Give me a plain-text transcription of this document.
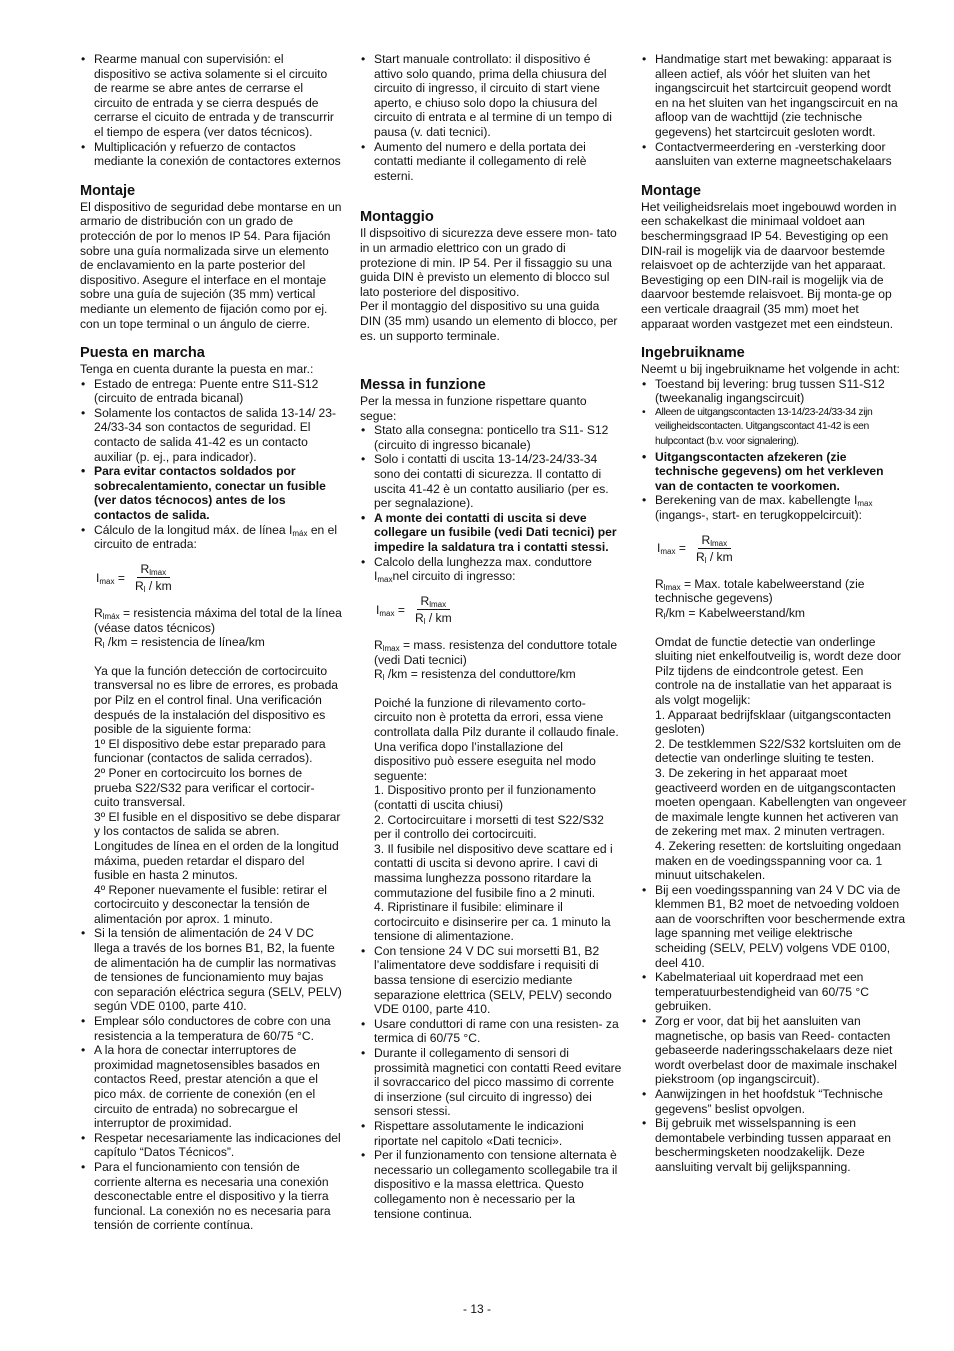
• Rearme manual con supervisión: el dispositivo se activa solamente si el circuito de rearme se abre antes de cerrarse el circuito de entrada y se cierra después de cerrarse el cicuito de entrada y de transcurrir el tiempo de espera (ver datos técnicos).
• Multiplicación y refuerzo de contactos mediante la conexión de contactores externos
Montaje

El dispositivo de seguridad debe montarse en un armario de distribución con un grado de protección de por lo menos IP 54. Para fijación sobre una guía normalizada sirve un elemento de enclavamiento en la parte posterior del dispositivo. Asegure el interface en el montaje sobre una guía de sujeción (35 mm) vertical mediante un elemento de fijación como por ej. con un tope terminal o un ángulo de cierre.

Puesta en marcha

Tenga en cuenta durante la puesta en mar.:

• Estado de entrega: Puente entre S11-S12 (circuito de entrada bicanal)
• Solamente los contactos de salida 13-14/ 23-24/33-34 son contactos de seguridad. El contacto de salida 41-42 es un contacto auxiliar (p. ej., para indicador).
• Para evitar contactos soldados por sobrecalentamiento, conectar un fusible (ver datos técnocos) antes de los contactos de salida.
• Cálculo de la longitud máx. de línea $I_{máx}$ en el circuito de entrada:
$I_{max} = \frac{R_{lmax}}{R_l / km}$

$R_{lmáx}$ = resistencia máxima del total de la línea (véase datos técnicos)

$R_l$ /km = resistencia de línea/km

Ya que la función detección de cortocircuito transversal no es libre de errores, es probada por Pilz en el control final. Una verificación después de la instalación del dispositivo es posible de la siguiente forma:

1º El dispositivo debe estar preparado para funcionar (contactos de salida cerrados).

2º Poner en cortocircuito los bornes de prueba S22/S32 para verificar el cortocir- cuito transversal.

3º El fusible en el dispositivo se debe disparar y los contactos de salida se abren. Longitudes de línea en el orden de la longitud máxima, pueden retardar el disparo del fusible en hasta 2 minutos.

4º Reponer nuevamente el fusible: retirar el cortocircuito y desconectar la tensión de alimentación por aprox. 1 minuto.

• Si la tensión de alimentación de 24 V DC llega a través de los bornes B1, B2, la fuente de alimentación ha de cumplir las normativas de tensiones de funcionamiento muy bajas con separación eléctrica segura (SELV, PELV) según VDE 0100, parte 410.
• Emplear sólo conductores de cobre con una resistencia a la temperatura de 60/75 °C.
• A la hora de conectar interruptores de proximidad magnetosensibles basados en contactos Reed, prestar atención a que el pico máx. de corriente de conexión (en el circuito de entrada) no sobrecargue el interruptor de proximidad.
• Respetar necesariamente las indicaciones del capítulo “Datos Técnicos”.
• Para el funcionamiento con tensión de corriente alterna es necesaria una conexión desconectable entre el dispositivo y la tierra funcional. La conexión no es necesaria para tensión de corriente contínua.
• Start manuale controllato: il dispositivo é attivo solo quando, prima della chiusura del circuito di ingresso, il circuito di start viene aperto, e chiuso solo dopo la chiusura del circuito di entrata e al termine di un tempo di pausa (v. dati tecnici).
• Aumento del numero e della portata dei contatti mediante il collegamento di relè esterni.
Montaggio

Il dispsoitivo di sicurezza deve essere mon- tato in un armadio elettrico con un grado di protezione di min. IP 54. Per il fissaggio su una guida DIN è previsto un elemento di blocco sul lato posteriore del dispositivo.

Per il montaggio del dispositivo su una guida DIN (35 mm) usando un elemento di blocco, per es. un supporto terminale.

Messa in funzione

Per la messa in funzione rispettare quanto segue:

• Stato alla consegna: ponticello tra S11- S12 (circuito di ingresso bicanale)
• Solo i contatti di uscita 13-14/23-24/33-34 sono dei contatti di sicurezza. Il contatto di uscita 41-42 è un contatto ausiliario (per es. per segnalazione).
• A monte dei contatti di uscita si deve collegare un fusibile (vedi Dati tecnici) per impedire la saldatura tra i contatti stessi.
• Calcolo della lunghezza max. conduttore $I_{max}nel$ circuito di ingresso:
$I_{max} = \frac{R_{lmax}}{R_l / km}$

$R_{lmax}$ = mass. resistenza del conduttore totale (vedi Dati tecnici)

$R_l$ /km = resistenza del conduttore/km

Poiché la funzione di rilevamento corto- circuito non è protetta da errori, essa viene controllata dalla Pilz durante il collaudo finale. Una verifica dopo l’installazione del dispositivo può essere eseguita nel modo seguente:

1. Dispositivo pronto per il funzionamento (contatti di uscita chiusi)

2. Cortocircuitare i morsetti di test S22/S32 per il controllo dei cortocircuiti.

3. Il fusibile nel dispositivo deve scattare ed i contatti di uscita si devono aprire. I cavi di massima lunghezza possono ritardare la commutazione del fusibile fino a 2 minuti.

4. Ripristinare il fusibile: eliminare il cortocircuito e disinserire per ca. 1 minuto la tensione di alimentazione.

• Con tensione 24 V DC sui morsetti B1, B2 l’alimentatore deve soddisfare i requisiti di bassa tensione di esercizio mediante separazione elettrica (SELV, PELV) secondo VDE 0100, parte 410.
• Usare conduttori di rame con una resisten- za termica di 60/75 °C.
• Durante il collegamento di sensori di prossimità magnetici con contatti Reed evitare il sovraccarico del picco massimo di corrente di inserzione (sul circuito di ingresso) dei sensori stessi.
• Rispettare assolutamente le indicazioni riportate nel capitolo «Dati tecnici».
• Per il funzionamento con tensione alternata è necessario un collegamento scollegabile tra il dispositivo e la massa elettrica. Questo collegamento non è necessario per la tensione continua.
• Handmatige start met bewaking: apparaat is alleen actief, als vóór het sluiten van het ingangscircuit het startcircuit geopend wordt en na het sluiten van het ingangscircuit en na afloop van de wachttijd (zie technische gegevens) het startcircuit gesloten wordt.
• Contactvermeerdering en -versterking door aansluiten van externe magneetschakelaars
Montage

Het veiligheidsrelais moet ingebouwd worden in een schakelkast die minimaal voldoet aan beschermingsgraad IP 54. Bevestiging op een DIN-rail is mogelijk via de daarvoor bestemde relaisvoet op de achterzijde van het apparaat. Bevestiging op een DIN-rail is mogelijk via de daarvoor bestemde relaisvoet. Bij monta-ge op een verticale draagrail (35 mm) moet het apparaat worden vastgezet met een eindsteun.

Ingebruikname

Neemt u bij ingebruikname het volgende in acht:

• Toestand bij levering: brug tussen S11-S12 (tweekanalig ingangscircuit)
• Alleen de uitgangscontacten 13-14/23-24/33-34 zijn veiligheidscontacten. Uitgangscontact 41-42 is een hulpcontact (b.v. voor signalering).
• Uitgangscontacten afzekeren (zie technische gegevens) om het verkleven van de contacten te voorkomen.
• Berekening van de max. kabellengte $I_{max}$ (ingangs-, start- en terugkoppelcircuit):
$I_{max} = \frac{R_{lmax}}{R_l / km}$

$R_{lmax}$ = Max. totale kabelweerstand (zie technische gegevens)

$R_l/km$ = Kabelweerstand/km

Omdat de functie detectie van onderlinge sluiting niet enkelfoutveilig is, wordt deze door Pilz tijdens de eindcontrole getest. Een controle na de installatie van het apparaat is als volgt mogelijk:

1. Apparaat bedrijfsklaar (uitgangscontacten gesloten)

2. De testklemmen S22/S32 kortsluiten om de detectie van onderlinge sluiting te testen.

3. De zekering in het apparaat moet geactiveerd worden en de uitgangscontacten moeten opengaan. Kabellengten van ongeveer de maximale lengte kunnen het activeren van de zekering met max. 2 minuten vertragen.

4. Zekering resetten: de kortsluiting ongedaan maken en de voedingsspanning voor ca. 1 minuut uitschakelen.

• Bij een voedingsspanning van 24 V DC via de klemmen B1, B2 moet de netvoeding voldoen aan de voorschriften voor beschermende extra lage spanning met veilige elektrische scheiding (SELV, PELV) volgens VDE 0100, deel 410.
• Kabelmateriaal uit koperdraad met een temperatuurbestendigheid van 60/75 °C gebruiken.
• Zorg er voor, dat bij het aansluiten van magnetische, op basis van Reed- contacten gebaseerde naderingsschakelaars deze niet wordt overbelast door de maximale inschakel piekstroom (op ingangscircuit).
• Aanwijzingen in het hoofdstuk “Technische gegevens” beslist opvolgen.
• Bij gebruik met wisselspanning is een demontabele verbinding tussen apparaat en beschermingsketen noodzakelijk. Deze aansluiting vervalt bij gelijkspanning.
- 13 -
